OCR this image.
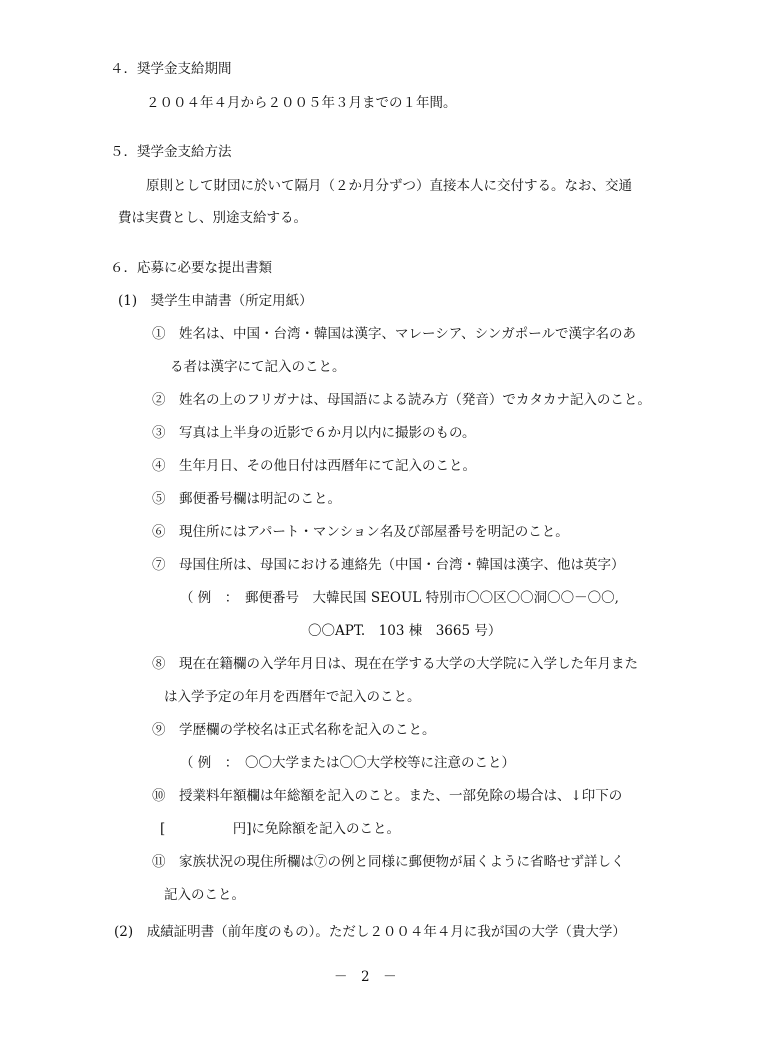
４．奨学金支給期間
２００４年４月から２００５年３月までの１年間。
５．奨学金支給方法
原則として財団に於いて隔月（２か月分ずつ）直接本人に交付する。なお、交通
費は実費とし、別途支給する。
６．応募に必要な提出書類
(1)　奨学生申請書（所定用紙）
①　姓名は、中国・台湾・韓国は漢字、マレーシア、シンガポールで漢字名のあ
る者は漢字にて記入のこと。
②　姓名の上のフリガナは、母国語による読み方（発音）でカタカナ記入のこと。
③　写真は上半身の近影で６か月以内に撮影のもの。
④　生年月日、その他日付は西暦年にて記入のこと。
⑤　郵便番号欄は明記のこと。
⑥　現住所にはアパート・マンション名及び部屋番号を明記のこと。
⑦　母国住所は、母国における連絡先（中国・台湾・韓国は漢字、他は英字）
（ 例　：　郵便番号　大韓民国 SEOUL 特別市〇〇区〇〇洞〇〇－〇〇,
〇〇APT.　103 棟　3665 号）
⑧　現在在籍欄の入学年月日は、現在在学する大学の大学院に入学した年月また
は入学予定の年月を西暦年で記入のこと。
⑨　学歴欄の学校名は正式名称を記入のこと。
（ 例　：　〇〇大学または〇〇大学校等に注意のこと）
⑩　授業料年額欄は年総額を記入のこと。また、一部免除の場合は、↓印下の
[　　　　　円]に免除額を記入のこと。
⑪　家族状況の現住所欄は⑦の例と同様に郵便物が届くように省略せず詳しく
記入のこと。
(2)　成績証明書（前年度のもの）。ただし２００４年４月に我が国の大学（貴大学）
－　2　－
